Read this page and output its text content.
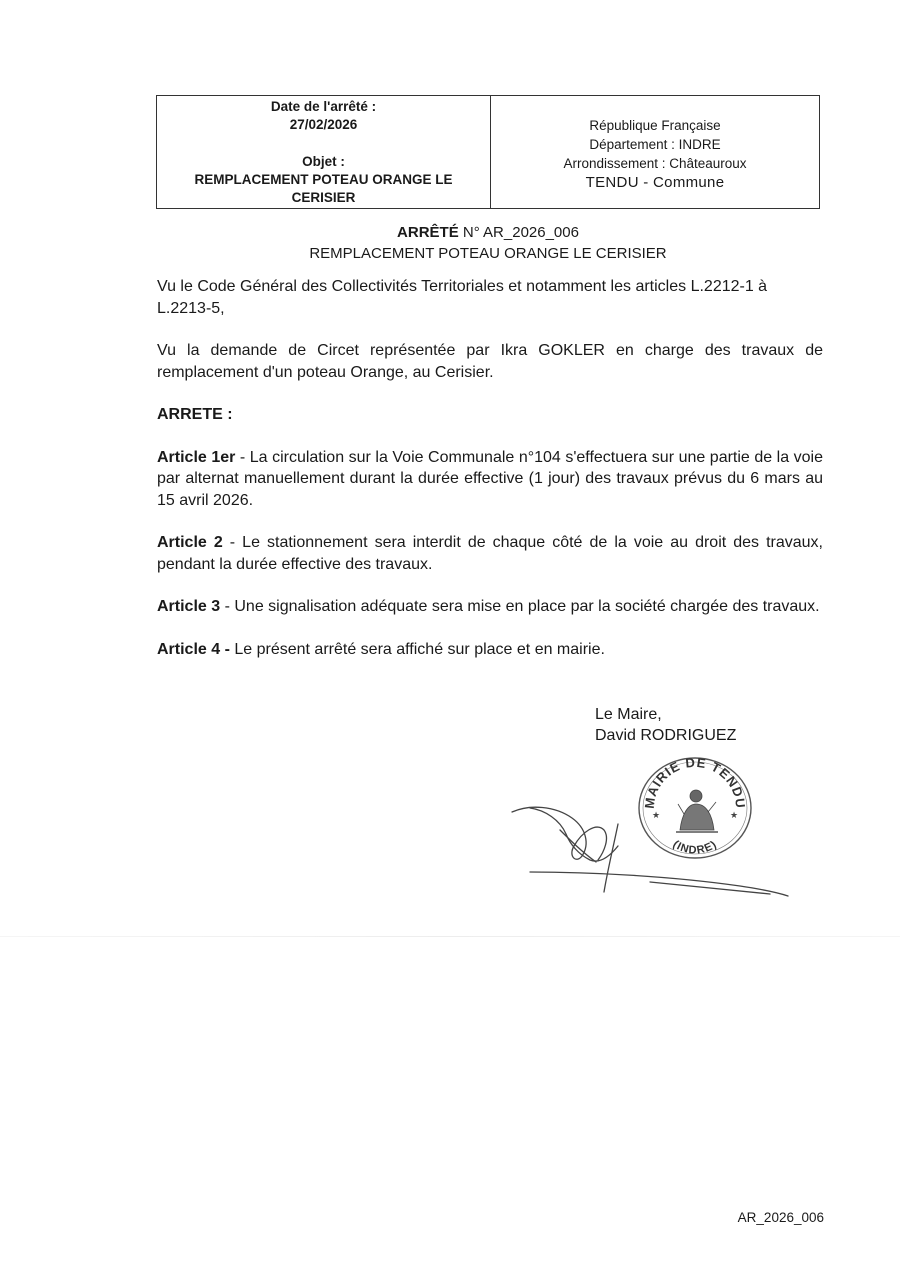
Date de l'arrêté :
27/02/2026
Objet :
REMPLACEMENT POTEAU ORANGE LE CERISIER
République Française
Département : INDRE
Arrondissement : Châteauroux
TENDU - Commune
ARRÊTÉ N° AR_2026_006
REMPLACEMENT POTEAU ORANGE LE CERISIER

Vu le Code Général des Collectivités Territoriales et notamment les articles L.2212-1 à L.2213-5,

Vu la demande de Circet représentée par Ikra GOKLER en charge des travaux de remplacement d'un poteau Orange, au Cerisier.

ARRETE :

Article 1er - La circulation sur la Voie Communale n°104 s'effectuera sur une partie de la voie par alternat manuellement durant la durée effective (1 jour) des travaux prévus du 6 mars au 15 avril 2026.

Article 2 - Le stationnement sera interdit de chaque côté de la voie au droit des travaux, pendant la durée effective des travaux.

Article 3 - Une signalisation adéquate sera mise en place par la société chargée des travaux.

Article 4 - Le présent arrêté sera affiché sur place et en mairie.

Le Maire,
David RODRIGUEZ
MAIRIE DE TENDU
(INDRE)
★	★
AR_2026_006
